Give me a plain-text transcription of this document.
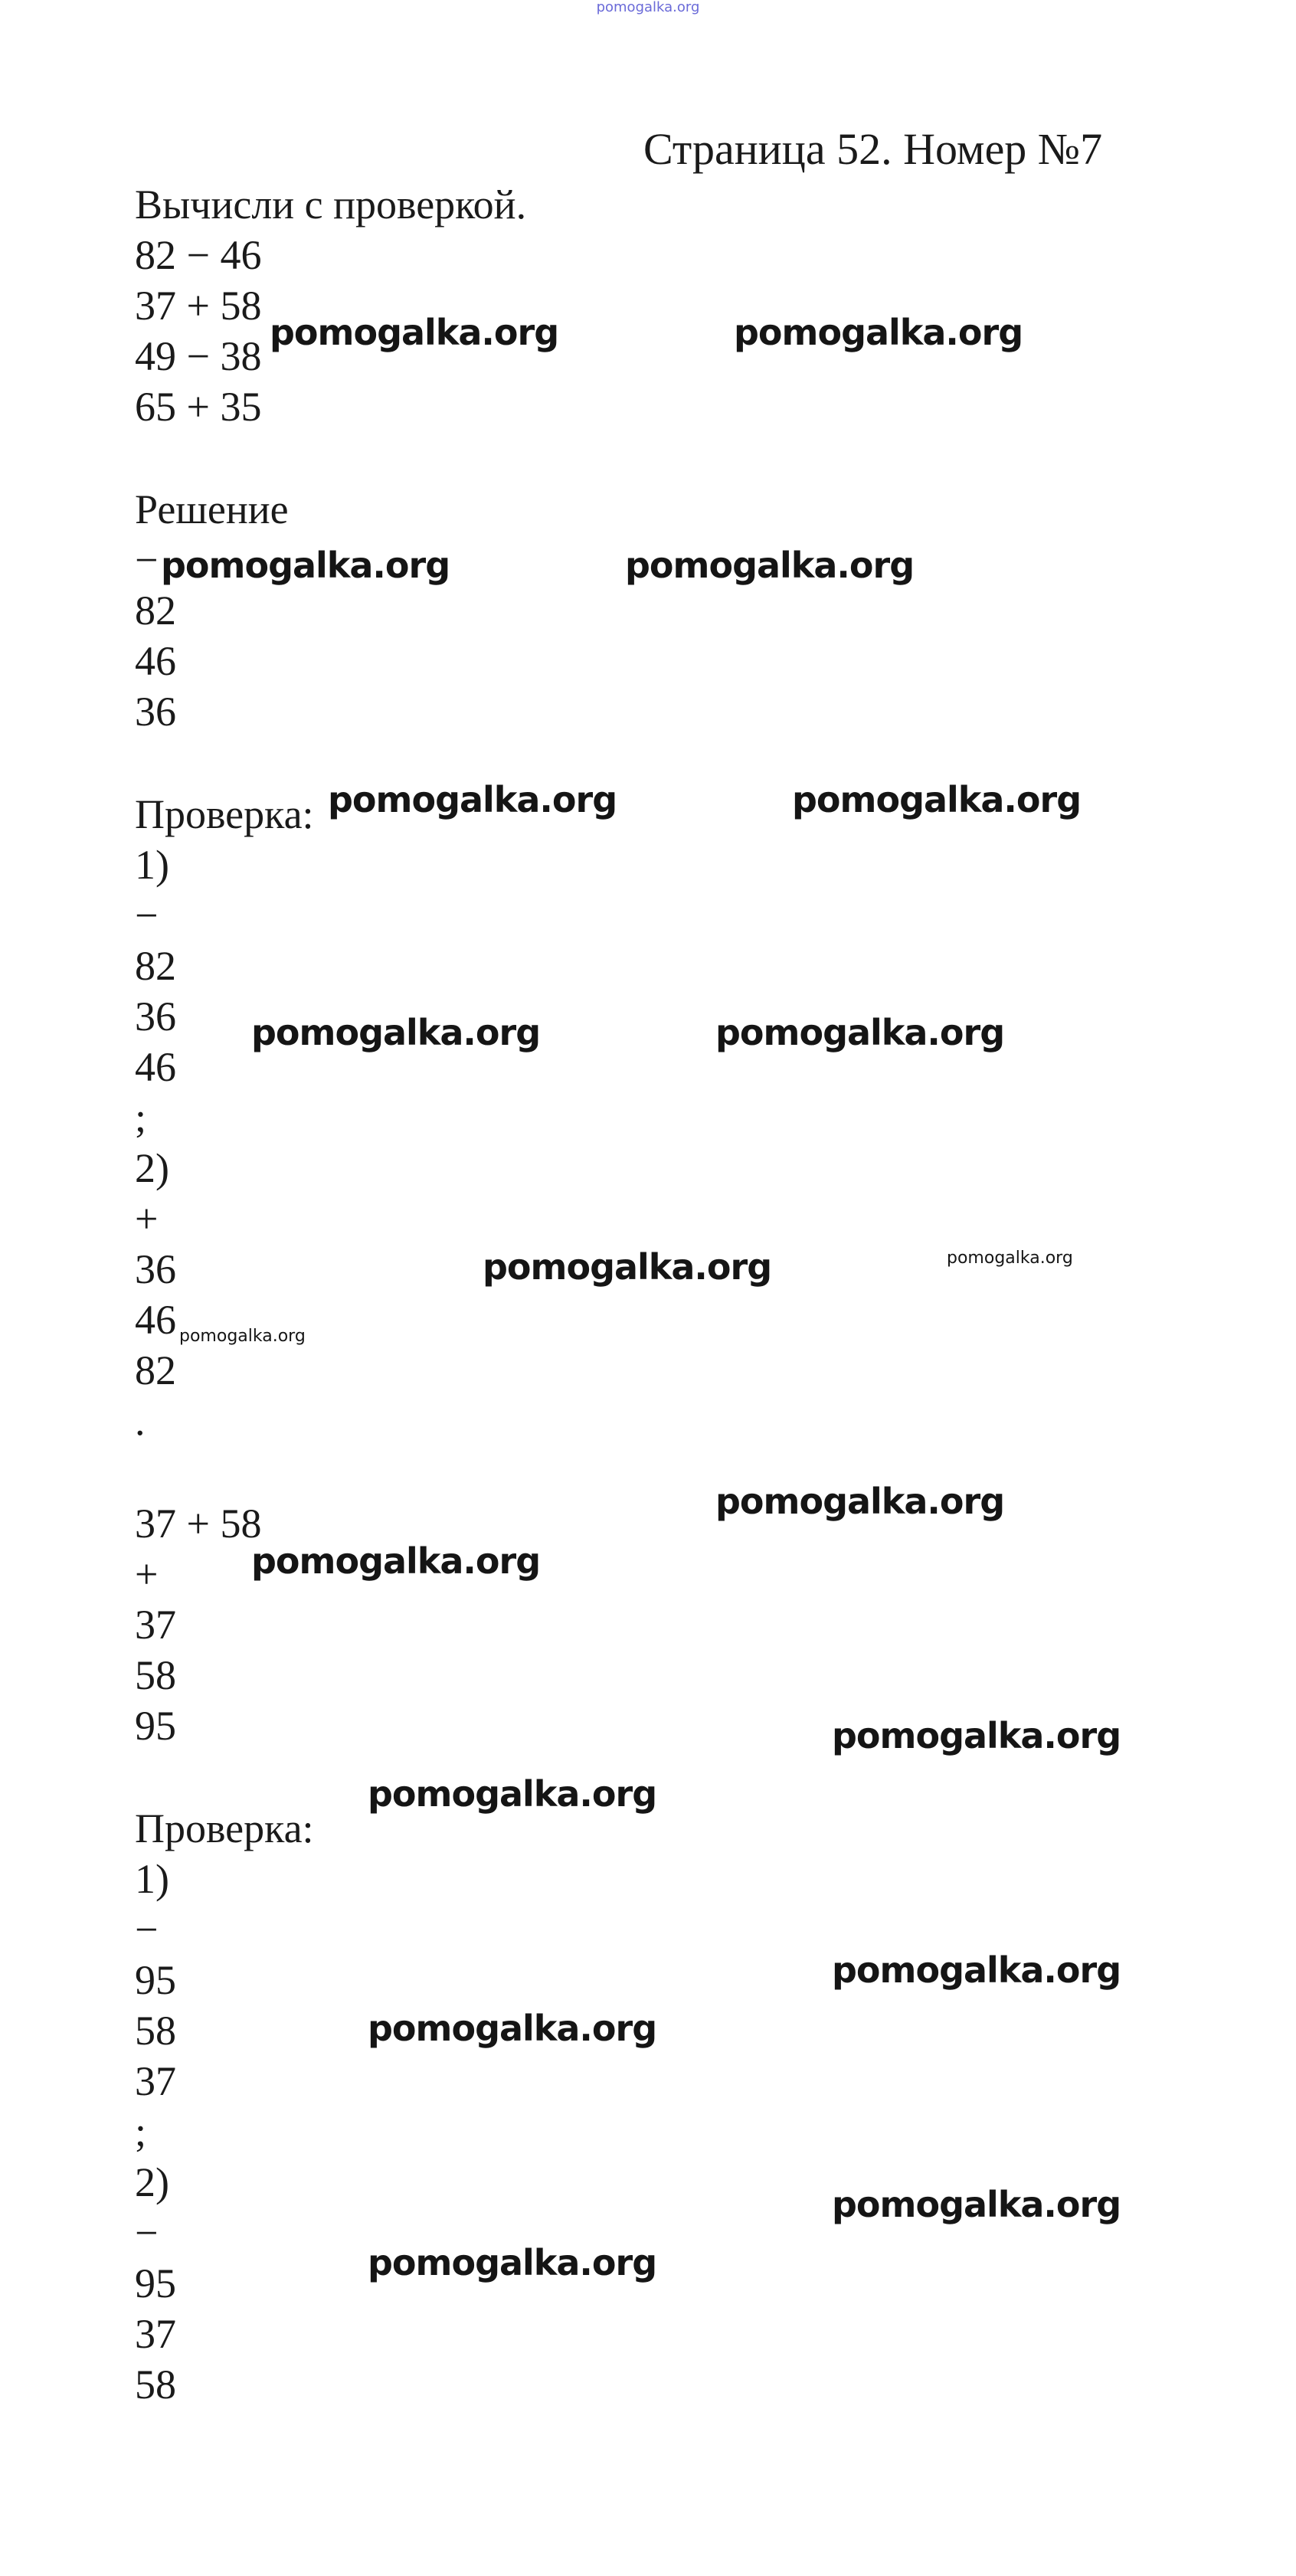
pomogalka.org
Страница 52. Номер №7
Вычисли с проверкой.
82 − 46
37 + 58
49 − 38
65 + 35
Решение
−
82
46
36
Проверка:
1)
−
82
36
46
;
2)
+
36
46
82
.
37 + 58
+
37
58
95
Проверка:
1)
−
95
58
37
;
2)
−
95
37
58
pomogalka.org	pomogalka.org
pomogalka.org	pomogalka.org
pomogalka.org	pomogalka.org
pomogalka.org	pomogalka.org
pomogalka.org	pomogalka.org
pomogalka.org
pomogalka.org
pomogalka.org
pomogalka.org
pomogalka.org
pomogalka.org
pomogalka.org
pomogalka.org
pomogalka.org
